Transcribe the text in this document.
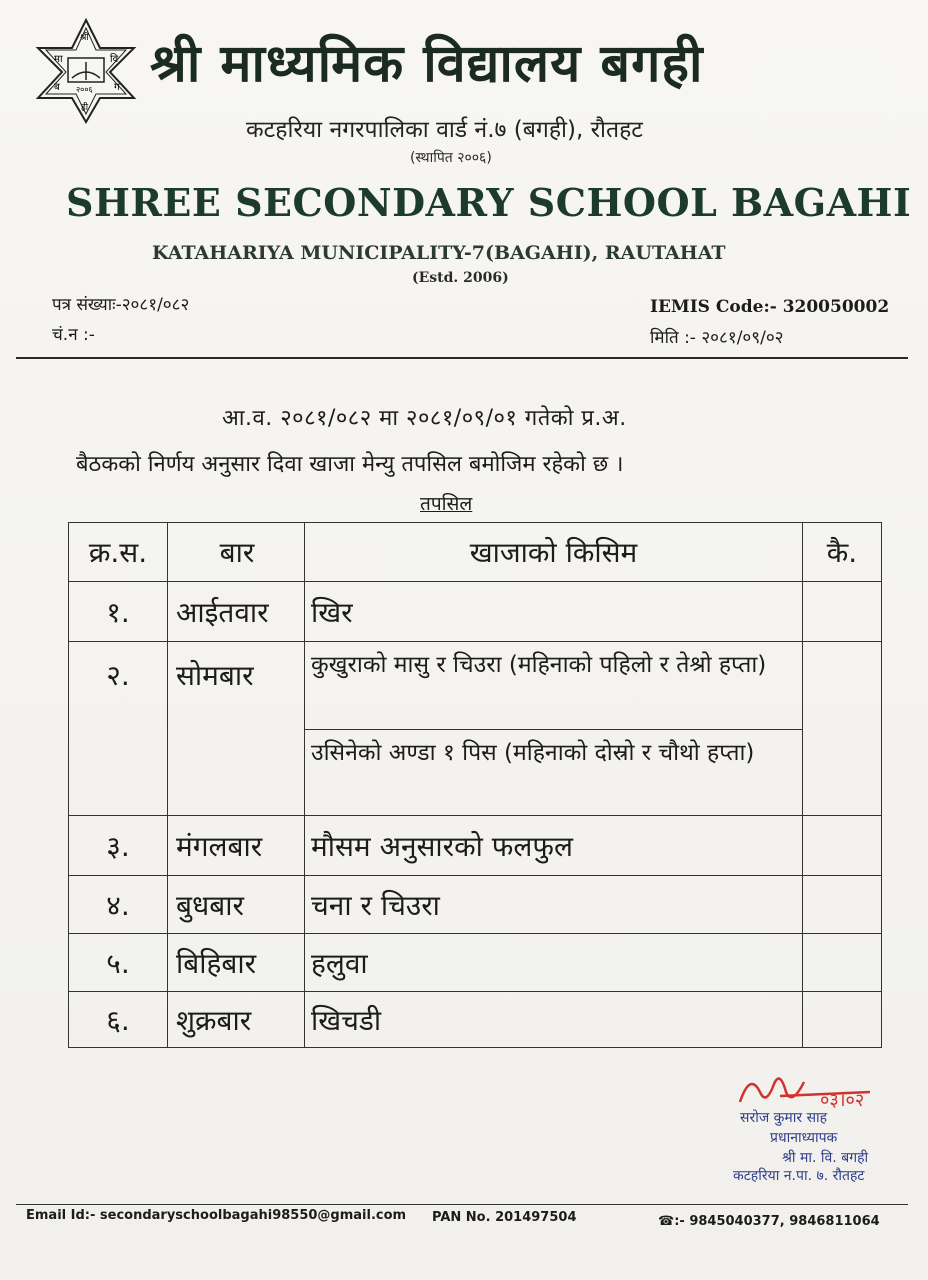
श्री
मा	वि
ब	ग
२००६
ही
श्री माध्यमिक विद्यालय बगही
कटहरिया नगरपालिका वार्ड नं.७ (बगही), रौतहट
(स्थापित २००६)
SHREE SECONDARY SCHOOL BAGAHI
KATAHARIYA MUNICIPALITY-7(BAGAHI), RAUTAHAT
(Estd. 2006)
पत्र संख्याः-२०८१/०८२
चं.न :-
IEMIS Code:- 320050002
मिति :- २०८१/०९/०२
आ.व. २०८१/०८२ मा २०८१/०९/०१ गतेको प्र.अ.
बैठकको निर्णय अनुसार दिवा खाजा मेन्यु तपसिल बमोजिम रहेको छ ।
तपसिल
क्र.स.	बार	खाजाको किसिम	कै.
१.	आईतवार	खिर	
२.	सोमबार	कुखुराको मासु र चिउरा (महिनाको पहिलो र तेश्रो हप्ता)	
		उसिनेको अण्डा १ पिस (महिनाको दोस्रो र चौथो हप्ता)	
३.	मंगलबार	मौसम अनुसारको फलफुल	
४.	बुधबार	चना र चिउरा	
५.	बिहिबार	हलुवा	
६.	शुक्रबार	खिचडी	
०३।०२
सरोज कुमार साह
प्रधानाध्यापक
श्री मा. वि. बगही
कटहरिया न.पा. ७. रौतहट
Email Id:- secondaryschoolbagahi98550@gmail.com PAN No. 201497504	☎:- 9845040377, 9846811064
